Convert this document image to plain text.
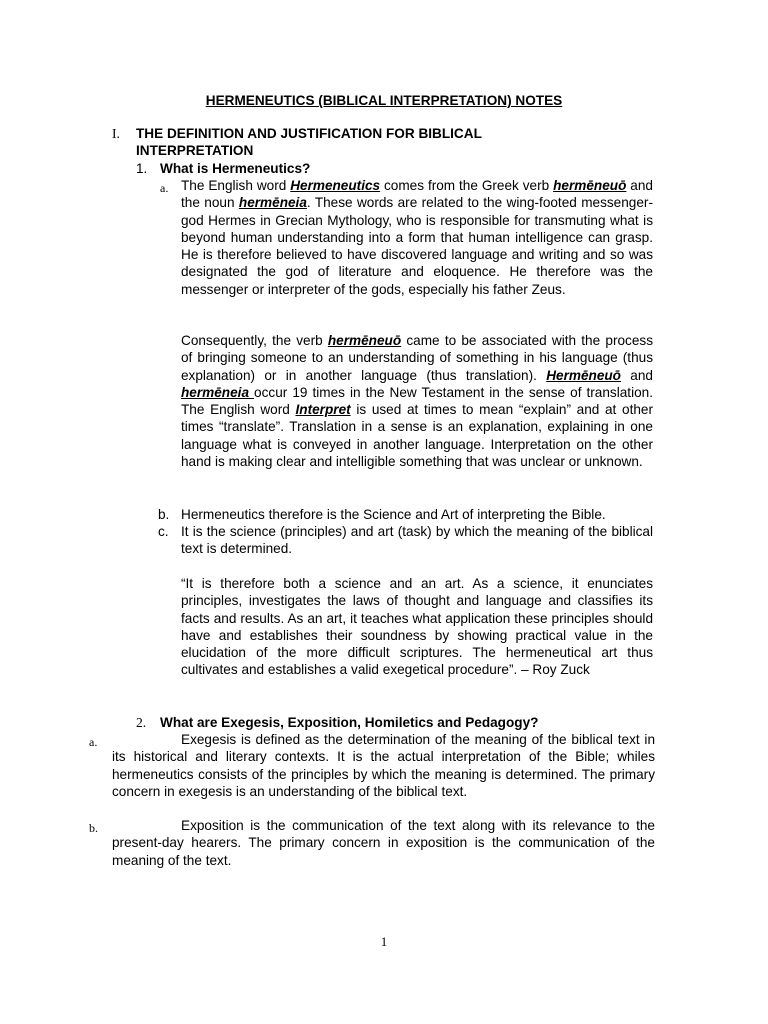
HERMENEUTICS (BIBLICAL INTERPRETATION) NOTES
I. THE DEFINITION AND JUSTIFICATION FOR BIBLICAL INTERPRETATION
1. What is Hermeneutics?
a. The English word Hermeneutics comes from the Greek verb hermēneuō and the noun hermēneia. These words are related to the wing-footed messenger-god Hermes in Grecian Mythology, who is responsible for transmuting what is beyond human understanding into a form that human intelligence can grasp. He is therefore believed to have discovered language and writing and so was designated the god of literature and eloquence. He therefore was the messenger or interpreter of the gods, especially his father Zeus.

Consequently, the verb hermēneuō came to be associated with the process of bringing someone to an understanding of something in his language (thus explanation) or in another language (thus translation). Hermēneuō and hermēneia occur 19 times in the New Testament in the sense of translation. The English word Interpret is used at times to mean “explain” and at other times “translate”. Translation in a sense is an explanation, explaining in one language what is conveyed in another language. Interpretation on the other hand is making clear and intelligible something that was unclear or unknown.

b. Hermeneutics therefore is the Science and Art of interpreting the Bible.

c. It is the science (principles) and art (task) by which the meaning of the biblical text is determined.

“It is therefore both a science and an art. As a science, it enunciates principles, investigates the laws of thought and language and classifies its facts and results. As an art, it teaches what application these principles should have and establishes their soundness by showing practical value in the elucidation of the more difficult scriptures. The hermeneutical art thus cultivates and establishes a valid exegetical procedure”. – Roy Zuck

2. What are Exegesis, Exposition, Homiletics and Pedagogy?
a.	Exegesis is defined as the determination of the meaning of the biblical text in its historical and literary contexts. It is the actual interpretation of the Bible; whiles hermeneutics consists of the principles by which the meaning is determined. The primary concern in exegesis is an understanding of the biblical text.
b.	Exposition is the communication of the text along with its relevance to the present-day hearers. The primary concern in exposition is the communication of the meaning of the text.
1
